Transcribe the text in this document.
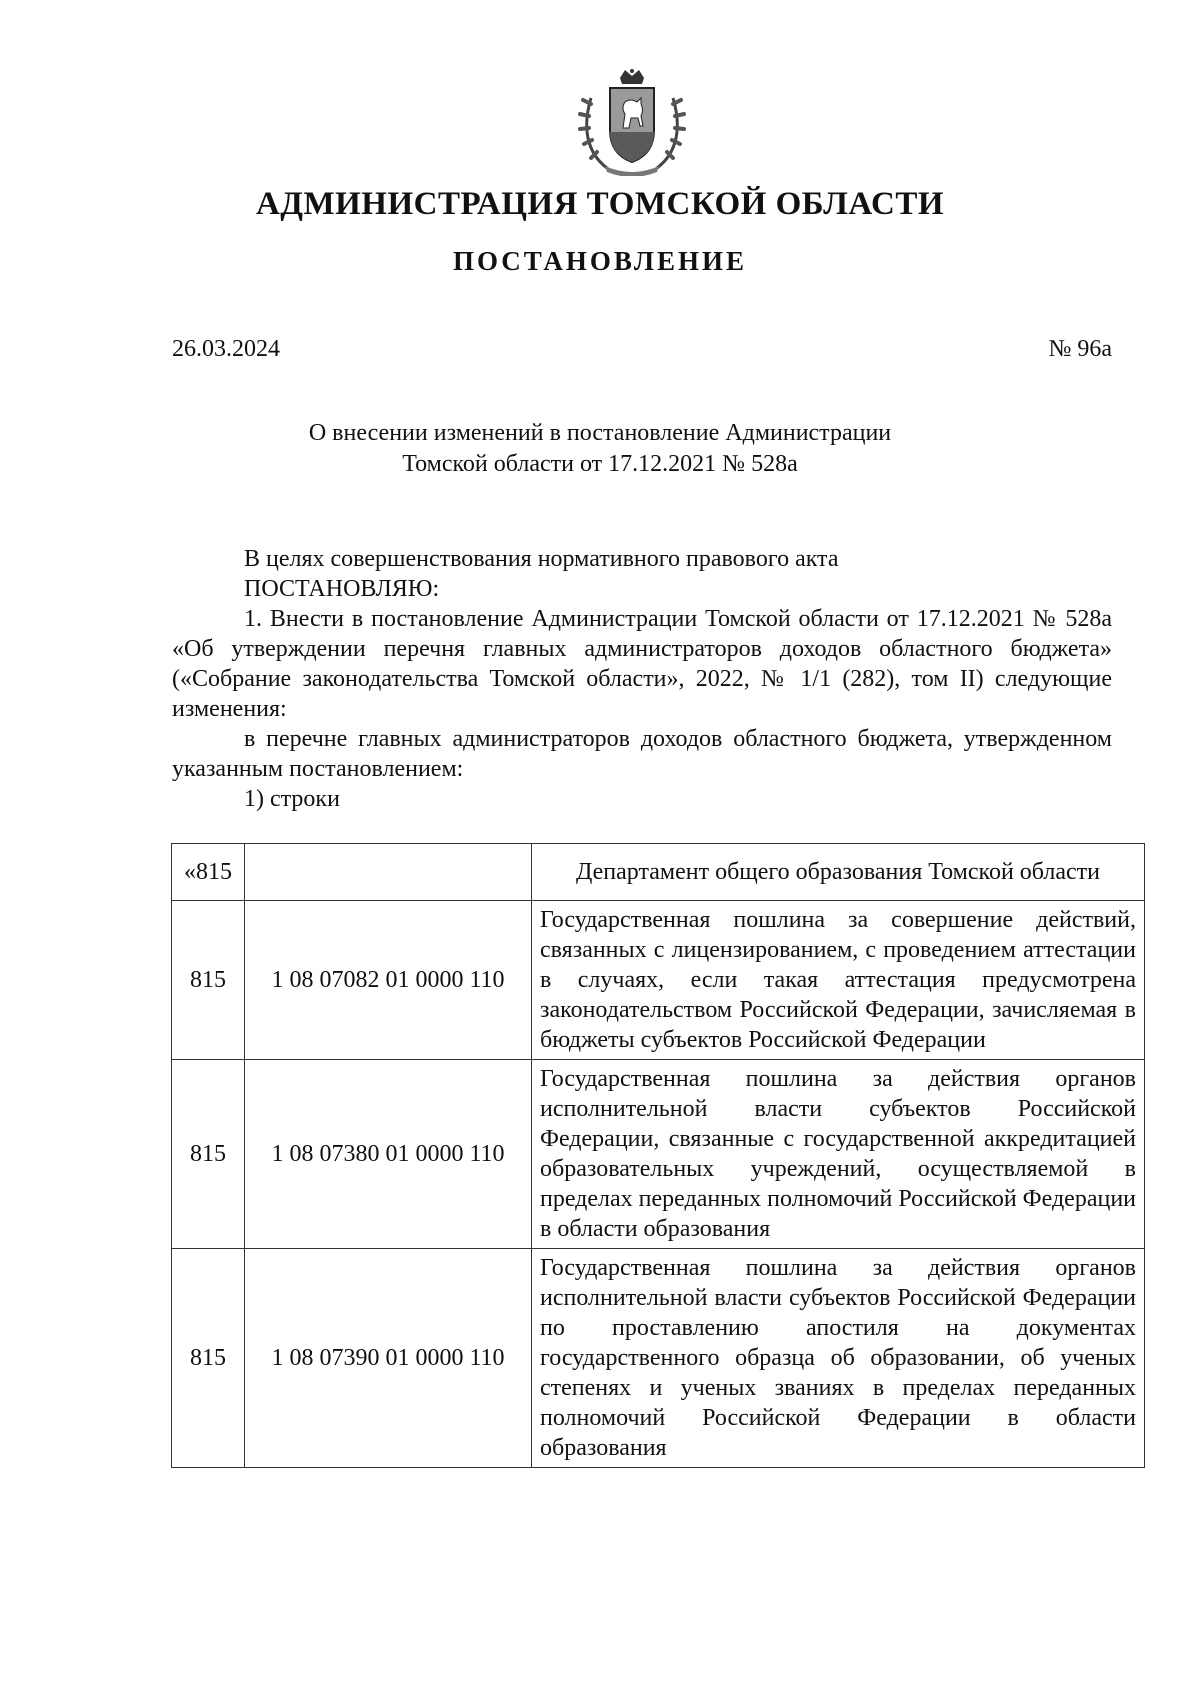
АДМИНИСТРАЦИЯ ТОМСКОЙ ОБЛАСТИ
ПОСТАНОВЛЕНИЕ
26.03.2024	№ 96а
О внесении изменений в постановление Администрации
Томской области от 17.12.2021 № 528а

В целях совершенствования нормативного правового акта

ПОСТАНОВЛЯЮ:

1. Внести в постановление Администрации Томской области от 17.12.2021 № 528а «Об утверждении перечня главных администраторов доходов областного бюджета» («Собрание законодательства Томской области», 2022, № 1/1 (282), том II) следующие изменения:

в перечне главных администраторов доходов областного бюджета, утвержденном указанным постановлением:

1) строки

«815		Департамент общего образования Томской области
815	1 08 07082 01 0000 110	Государственная пошлина за совершение действий, связанных с лицензированием, с проведением аттестации в случаях, если такая аттестация предусмотрена законодательством Российской Федерации, зачисляемая в бюджеты субъектов Российской Федерации
815	1 08 07380 01 0000 110	Государственная пошлина за действия органов исполнительной власти субъектов Российской Федерации, связанные с государственной аккредитацией образовательных учреждений, осуществляемой в пределах переданных полномочий Российской Федерации в области образования
815	1 08 07390 01 0000 110	Государственная пошлина за действия органов исполнительной власти субъектов Российской Федерации по проставлению апостиля на документах государственного образца об образовании, об ученых степенях и ученых званиях в пределах переданных полномочий Российской Федерации в области образования
